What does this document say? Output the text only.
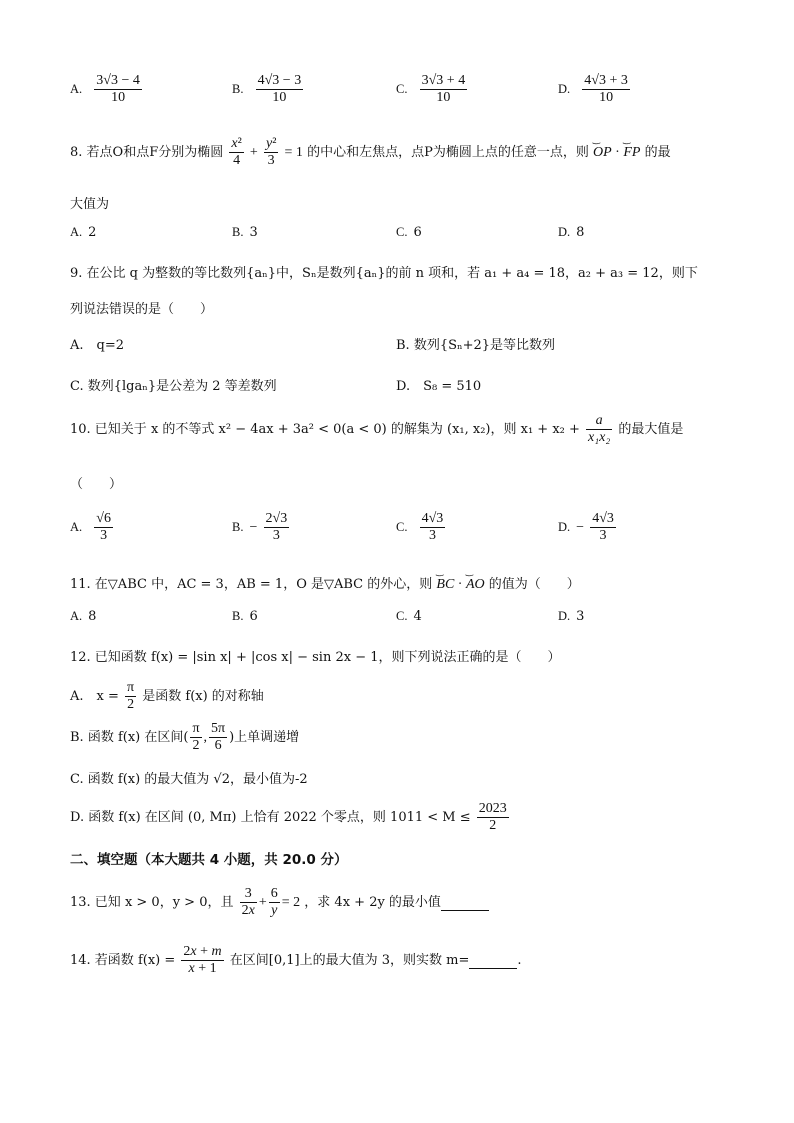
A. $\frac{3√3 - 4}{10}$	B. $\frac{4√3 - 3}{10}$	C. $\frac{3√3 + 4}{10}$	D. $\frac{4√3 + 3}{10}$
8. 若点O和点F分别为椭圆 $\frac{\text{x²}}{4} + \frac{\text{y²}}{3} = 1$ 的中心和左焦点，点P为椭圆上点的任意一点，则 ‿ OP · ‿ FP 的最
大值为
A. 2	B. 3	C. 6	D. 8
9. 在公比 q 为整数的等比数列{aₙ}中，Sₙ是数列{aₙ}的前 n 项和，若 a₁ + a₄ = 18，a₂ + a₃ = 12，则下
列说法错误的是（　　）
A.　q=2	B. 数列{Sₙ+2}是等比数列
C. 数列{lgaₙ}是公差为 2 等差数列	D.　S₈ = 510
10. 已知关于 x 的不等式 x² − 4ax + 3a² < 0(a < 0) 的解集为 (x₁, x₂)，则 $x_1 + x_2 + \frac{a}{\text{x₁x₂}}$ 的最大值是
（　　）
A. $\frac{√6}{3}$	B. − $\frac{2√3}{3}$	C. $\frac{4√3}{3}$	D. − $\frac{4√3}{3}$
11. 在▽ABC 中，AC = 3，AB = 1，O 是▽ABC 的外心，则 ‿ BC · ‿ AO 的值为（　　）
A. 8	B. 6	C. 4	D. 3
12. 已知函数 f(x) = |sin x| + |cos x| − sin 2x − 1，则下列说法正确的是（　　）
A.　$x = \frac{\pi}{2}$ 是函数 f(x) 的对称轴
B. 函数 f(x) 在区间( $\frac{\pi}{2}$ , $\frac{5\pi}{6}$ )上单调递增
C. 函数 f(x) 的最大值为 √2，最小值为-2
D. 函数 f(x) 在区间 (0, Mπ) 上恰有 2022 个零点，则 $1011 < M \le \frac{2023}{2}$
二、填空题（本大题共 4 小题，共 20.0 分）
13. 已知 x > 0，y > 0，且 $\frac{3}{2x} + \frac{6}{y} = 2$ ，求 4x + 2y 的最小值
14. 若函数 $f(x) = \frac{2x + m}{x + 1}$ 在区间[0,1]上的最大值为 3，则实数 m=	.
